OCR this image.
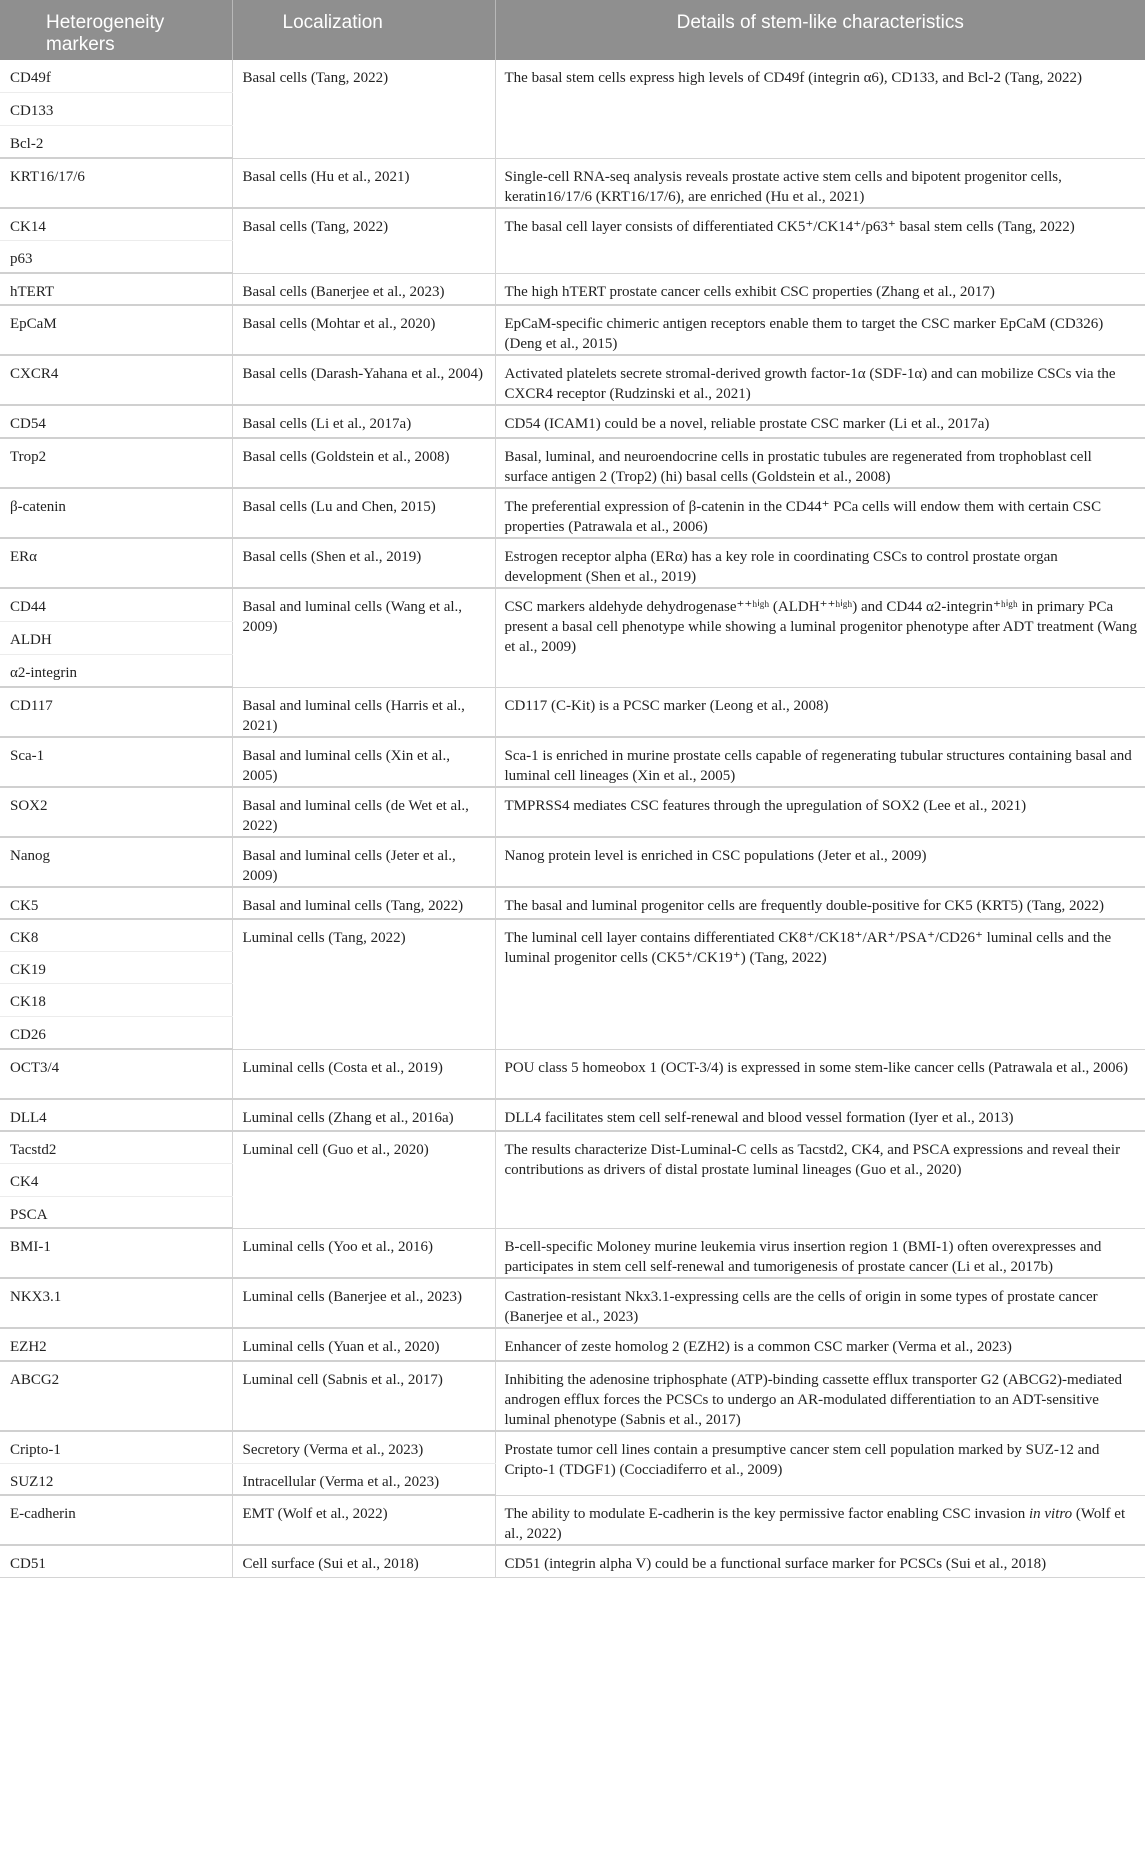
Heterogeneity markers	Localization	Details of stem-like characteristics
CD49f	Basal cells (Tang, 2022)	The basal stem cells express high levels of CD49f (integrin α6), CD133, and Bcl-2 (Tang, 2022)
CD133		
Bcl-2		
KRT16/17/6	Basal cells (Hu et al., 2021)	Single-cell RNA-seq analysis reveals prostate active stem cells and bipotent progenitor cells, keratin16/17/6 (KRT16/17/6), are enriched (Hu et al., 2021)
CK14	Basal cells (Tang, 2022)	The basal cell layer consists of differentiated CK5⁺/CK14⁺/p63⁺ basal stem cells (Tang, 2022)
p63		
hTERT	Basal cells (Banerjee et al., 2023)	The high hTERT prostate cancer cells exhibit CSC properties (Zhang et al., 2017)
EpCaM	Basal cells (Mohtar et al., 2020)	EpCaM-specific chimeric antigen receptors enable them to target the CSC marker EpCaM (CD326) (Deng et al., 2015)
CXCR4	Basal cells (Darash-Yahana et al., 2004)	Activated platelets secrete stromal-derived growth factor-1α (SDF-1α) and can mobilize CSCs via the CXCR4 receptor (Rudzinski et al., 2021)
CD54	Basal cells (Li et al., 2017a)	CD54 (ICAM1) could be a novel, reliable prostate CSC marker (Li et al., 2017a)
Trop2	Basal cells (Goldstein et al., 2008)	Basal, luminal, and neuroendocrine cells in prostatic tubules are regenerated from trophoblast cell surface antigen 2 (Trop2) (hi) basal cells (Goldstein et al., 2008)
β-catenin	Basal cells (Lu and Chen, 2015)	The preferential expression of β-catenin in the CD44⁺ PCa cells will endow them with certain CSC properties (Patrawala et al., 2006)
ERα	Basal cells (Shen et al., 2019)	Estrogen receptor alpha (ERα) has a key role in coordinating CSCs to control prostate organ development (Shen et al., 2019)
CD44	Basal and luminal cells (Wang et al., 2009)	CSC markers aldehyde dehydrogenase⁺⁺ʰⁱᵍʰ (ALDH⁺⁺ʰⁱᵍʰ) and CD44 α2-integrin⁺ʰⁱᵍʰ in primary PCa present a basal cell phenotype while showing a luminal progenitor phenotype after ADT treatment (Wang et al., 2009)
ALDH		
α2-integrin		
CD117	Basal and luminal cells (Harris et al., 2021)	CD117 (C-Kit) is a PCSC marker (Leong et al., 2008)
Sca-1	Basal and luminal cells (Xin et al., 2005)	Sca-1 is enriched in murine prostate cells capable of regenerating tubular structures containing basal and luminal cell lineages (Xin et al., 2005)
SOX2	Basal and luminal cells (de Wet et al., 2022)	TMPRSS4 mediates CSC features through the upregulation of SOX2 (Lee et al., 2021)
Nanog	Basal and luminal cells (Jeter et al., 2009)	Nanog protein level is enriched in CSC populations (Jeter et al., 2009)
CK5	Basal and luminal cells (Tang, 2022)	The basal and luminal progenitor cells are frequently double-positive for CK5 (KRT5) (Tang, 2022)
CK8	Luminal cells (Tang, 2022)	The luminal cell layer contains differentiated CK8⁺/CK18⁺/AR⁺/PSA⁺/CD26⁺ luminal cells and the luminal progenitor cells (CK5⁺/CK19⁺) (Tang, 2022)
CK19		
CK18		
CD26		
OCT3/4	Luminal cells (Costa et al., 2019)	POU class 5 homeobox 1 (OCT-3/4) is expressed in some stem-like cancer cells (Patrawala et al., 2006)
DLL4	Luminal cells (Zhang et al., 2016a)	DLL4 facilitates stem cell self-renewal and blood vessel formation (Iyer et al., 2013)
Tacstd2	Luminal cell (Guo et al., 2020)	The results characterize Dist-Luminal-C cells as Tacstd2, CK4, and PSCA expressions and reveal their contributions as drivers of distal prostate luminal lineages (Guo et al., 2020)
CK4		
PSCA		
BMI-1	Luminal cells (Yoo et al., 2016)	B-cell-specific Moloney murine leukemia virus insertion region 1 (BMI-1) often overexpresses and participates in stem cell self-renewal and tumorigenesis of prostate cancer (Li et al., 2017b)
NKX3.1	Luminal cells (Banerjee et al., 2023)	Castration-resistant Nkx3.1-expressing cells are the cells of origin in some types of prostate cancer (Banerjee et al., 2023)
EZH2	Luminal cells (Yuan et al., 2020)	Enhancer of zeste homolog 2 (EZH2) is a common CSC marker (Verma et al., 2023)
ABCG2	Luminal cell (Sabnis et al., 2017)	Inhibiting the adenosine triphosphate (ATP)-binding cassette efflux transporter G2 (ABCG2)-mediated androgen efflux forces the PCSCs to undergo an AR-modulated differentiation to an ADT-sensitive luminal phenotype (Sabnis et al., 2017)
Cripto-1	Secretory (Verma et al., 2023)	Prostate tumor cell lines contain a presumptive cancer stem cell population marked by SUZ-12 and Cripto-1 (TDGF1) (Cocciadiferro et al., 2009)
SUZ12	Intracellular (Verma et al., 2023)	
E-cadherin	EMT (Wolf et al., 2022)	The ability to modulate E-cadherin is the key permissive factor enabling CSC invasion in vitro (Wolf et al., 2022)
CD51	Cell surface (Sui et al., 2018)	CD51 (integrin alpha V) could be a functional surface marker for PCSCs (Sui et al., 2018)
